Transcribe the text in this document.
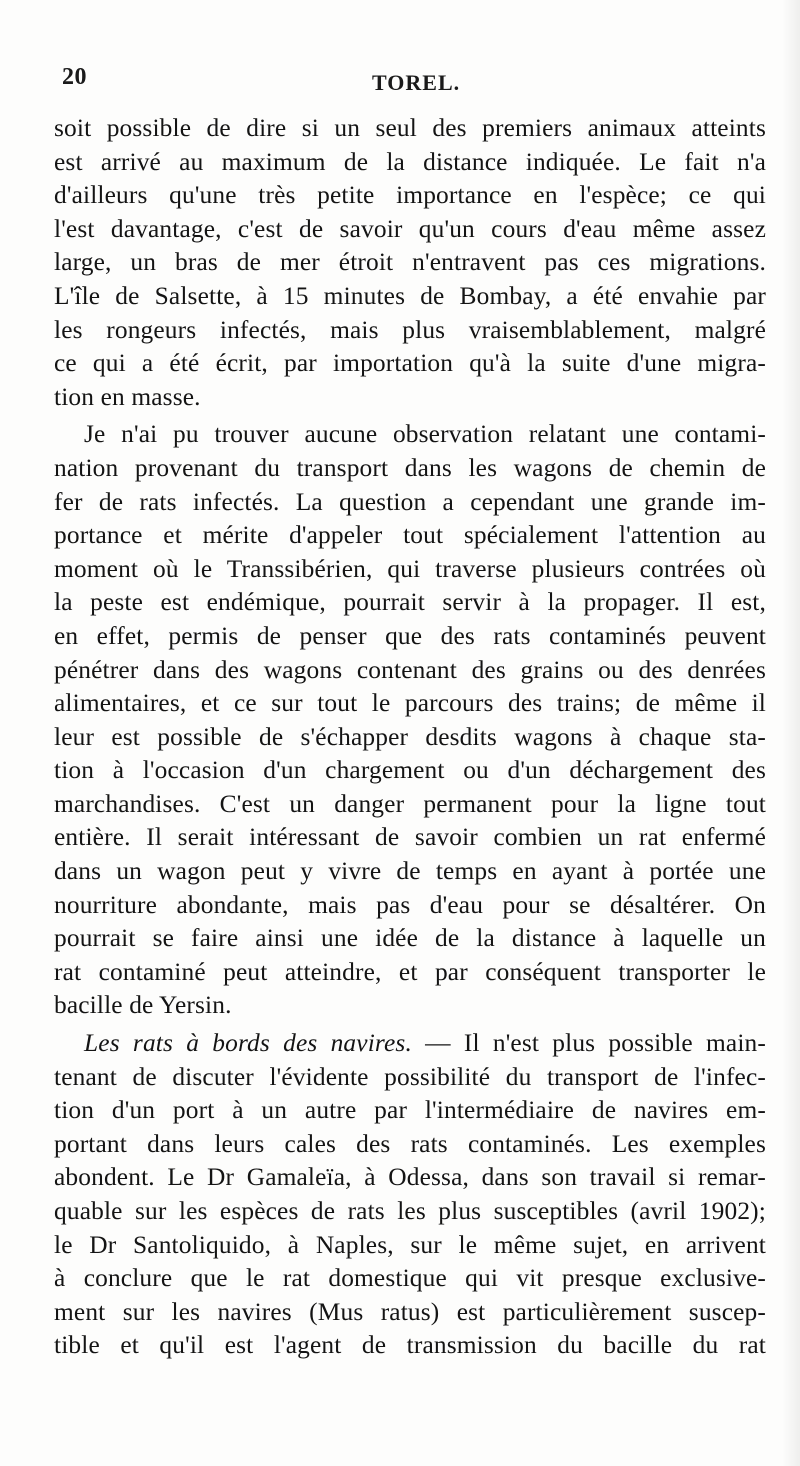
20	TOREL.
soit possible de dire si un seul des premiers animaux atteints
est arrivé au maximum de la distance indiquée. Le fait n'a
d'ailleurs qu'une très petite importance en l'espèce; ce qui
l'est davantage, c'est de savoir qu'un cours d'eau même assez
large, un bras de mer étroit n'entravent pas ces migrations.
L'île de Salsette, à 15 minutes de Bombay, a été envahie par
les rongeurs infectés, mais plus vraisemblablement, malgré
ce qui a été écrit, par importation qu'à la suite d'une migra-
tion en masse.
Je n'ai pu trouver aucune observation relatant une contami-
nation provenant du transport dans les wagons de chemin de
fer de rats infectés. La question a cependant une grande im-
portance et mérite d'appeler tout spécialement l'attention au
moment où le Transsibérien, qui traverse plusieurs contrées où
la peste est endémique, pourrait servir à la propager. Il est,
en effet, permis de penser que des rats contaminés peuvent
pénétrer dans des wagons contenant des grains ou des denrées
alimentaires, et ce sur tout le parcours des trains; de même il
leur est possible de s'échapper desdits wagons à chaque sta-
tion à l'occasion d'un chargement ou d'un déchargement des
marchandises. C'est un danger permanent pour la ligne tout
entière. Il serait intéressant de savoir combien un rat enfermé
dans un wagon peut y vivre de temps en ayant à portée une
nourriture abondante, mais pas d'eau pour se désaltérer. On
pourrait se faire ainsi une idée de la distance à laquelle un
rat contaminé peut atteindre, et par conséquent transporter le
bacille de Yersin.
Les rats à bords des navires. — Il n'est plus possible main-
tenant de discuter l'évidente possibilité du transport de l'infec-
tion d'un port à un autre par l'intermédiaire de navires em-
portant dans leurs cales des rats contaminés. Les exemples
abondent. Le Dr Gamaleïa, à Odessa, dans son travail si remar-
quable sur les espèces de rats les plus susceptibles (avril 1902);
le Dr Santoliquido, à Naples, sur le même sujet, en arrivent
à conclure que le rat domestique qui vit presque exclusive-
ment sur les navires (Mus ratus) est particulièrement suscep-
tible et qu'il est l'agent de transmission du bacille du rat
